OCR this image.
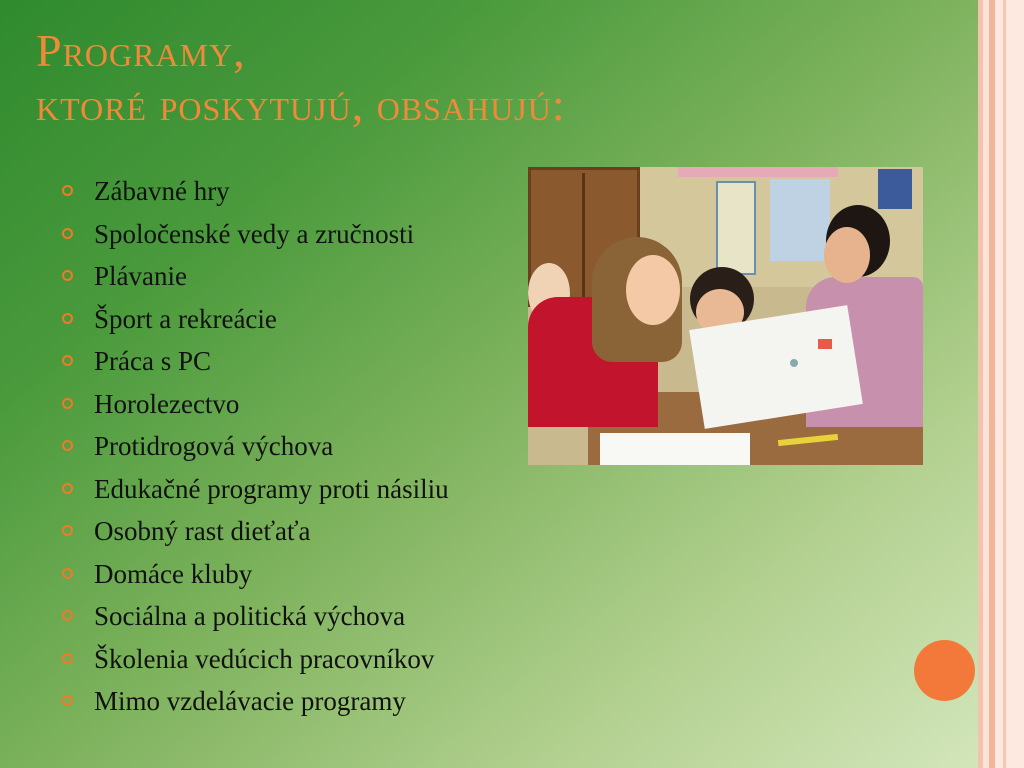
Programy,
ktoré poskytujú, obsahujú:
Zábavné hry
Spoločenské vedy a zručnosti
Plávanie
Šport a rekreácie
Práca s PC
Horolezectvo
Protidrogová výchova
Edukačné programy proti násiliu
Osobný rast dieťaťa
Domáce kluby
Sociálna a politická výchova
Školenia vedúcich pracovníkov
Mimo vzdelávacie programy
